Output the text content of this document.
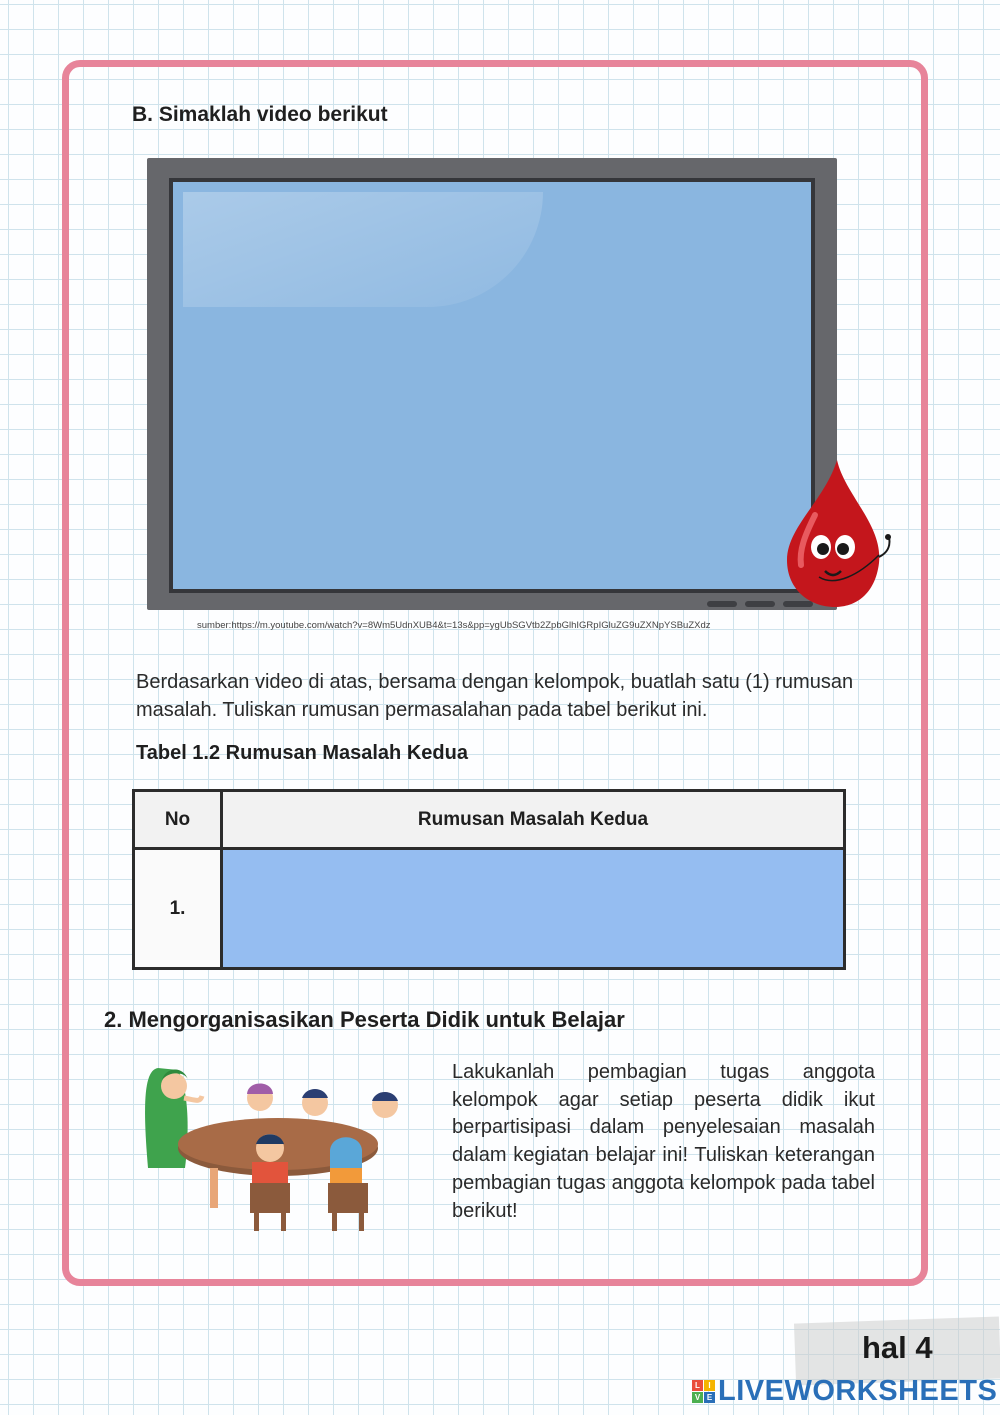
B. Simaklah video berikut
sumber:https://m.youtube.com/watch?v=8Wm5UdnXUB4&t=13s&pp=ygUbSGVtb2ZpbGlhIGRpIGluZG9uZXNpYSBuZXdz
Berdasarkan video di atas, bersama dengan kelompok, buatlah satu (1) rumusan masalah. Tuliskan rumusan permasalahan pada tabel berikut ini.
Tabel 1.2 Rumusan Masalah Kedua
No	Rumusan Masalah Kedua
1.
2. Mengorganisasikan Peserta Didik untuk Belajar
Lakukanlah pembagian tugas anggota kelompok agar setiap peserta didik ikut berpartisipasi dalam penyelesaian masalah dalam kegiatan belajar ini! Tuliskan keterangan pembagian tugas anggota kelompok pada tabel berikut!
hal 4
L	I
V E LIVEWORKSHEETS
